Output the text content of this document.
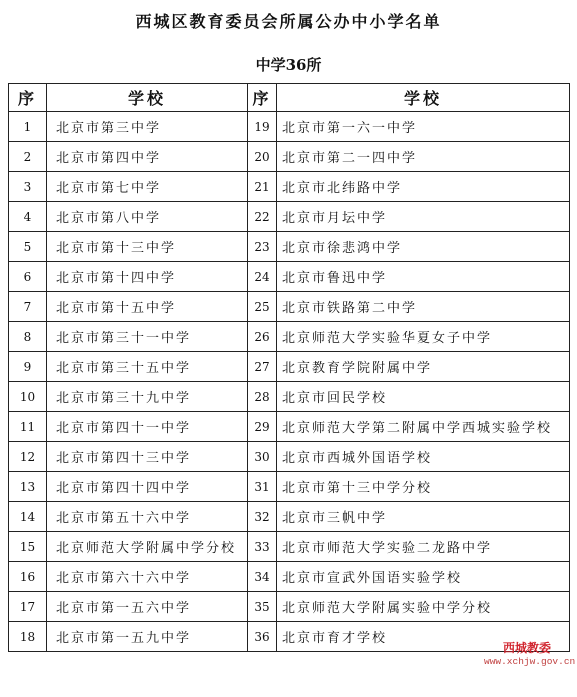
西城区教育委员会所属公办中小学名单
中学36所
序	学校	序	学校
1	北京市第三中学	19	北京市第一六一中学
2	北京市第四中学	20	北京市第二一四中学
3	北京市第七中学	21	北京市北纬路中学
4	北京市第八中学	22	北京市月坛中学
5	北京市第十三中学	23	北京市徐悲鸿中学
6	北京市第十四中学	24	北京市鲁迅中学
7	北京市第十五中学	25	北京市铁路第二中学
8	北京市第三十一中学	26	北京师范大学实验华夏女子中学
9	北京市第三十五中学	27	北京教育学院附属中学
10	北京市第三十九中学	28	北京市回民学校
11	北京市第四十一中学	29	北京师范大学第二附属中学西城实验学校
12	北京市第四十三中学	30	北京市西城外国语学校
13	北京市第四十四中学	31	北京市第十三中学分校
14	北京市第五十六中学	32	北京市三帆中学
15	北京师范大学附属中学分校	33	北京市师范大学实验二龙路中学
16	北京市第六十六中学	34	北京市宣武外国语实验学校
17	北京市第一五六中学	35	北京师范大学附属实验中学分校
18	北京市第一五九中学	36	北京市育才学校
西城教委
www.xchjw.gov.cn
